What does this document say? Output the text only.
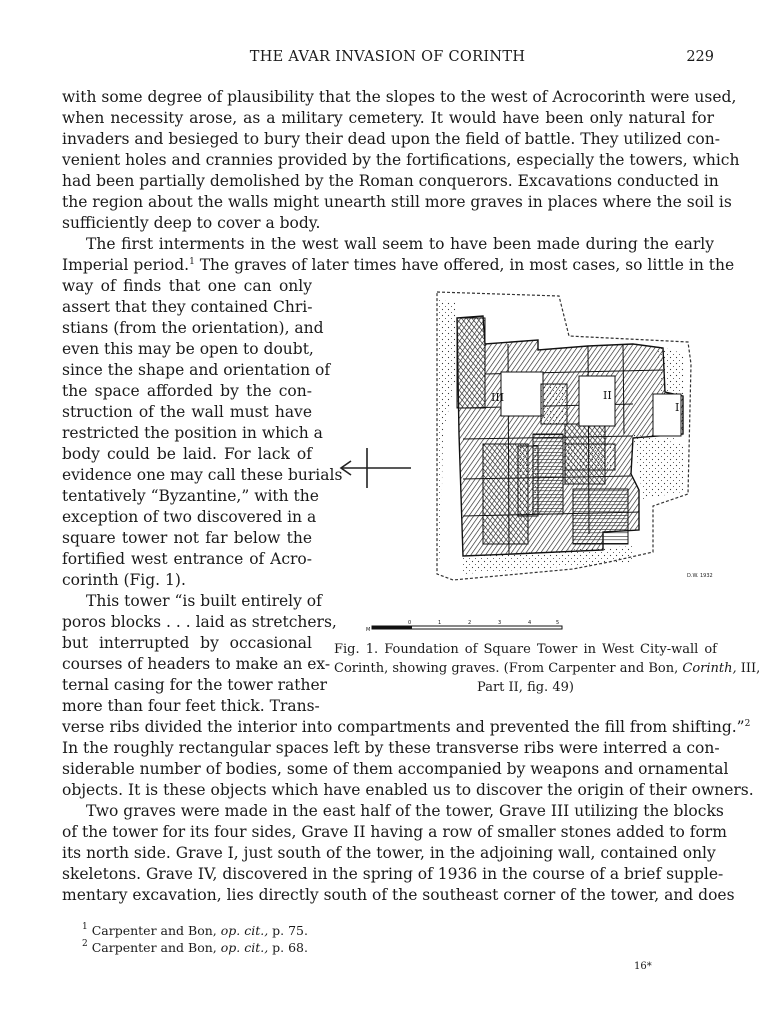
THE AVAR INVASION OF CORINTH	229
with some degree of plausibility that the slopes to the west of Acrocorinth were used,
when necessity arose, as a military cemetery. It would have been only natural for
invaders and besieged to bury their dead upon the field of battle. They utilized con-
venient holes and crannies provided by the fortifications, especially the towers, which
had been partially demolished by the Roman conquerors. Excavations conducted in
the region about the walls might unearth still more graves in places where the soil is
sufficiently deep to cover a body.
The first interments in the west wall seem to have been made during the early
Imperial period.$^1$ The graves of later times have offered, in most cases, so little in the
way of finds that one can only
assert that they contained Chri-
stians (from the orientation), and
even this may be open to doubt,
since the shape and orientation of
the space afforded by the con-
struction of the wall must have
restricted the position in which a
body could be laid. For lack of
evidence one may call these burials
tentatively “Byzantine,” with the
exception of two discovered in a
square tower not far below the
fortified west entrance of Acro-
corinth (Fig. 1).
This tower “is built entirely of
poros blocks . . . laid as stretchers,
but interrupted by occasional
courses of headers to make an ex-
ternal casing for the tower rather
more than four feet thick. Trans-
verse ribs divided the interior into compartments and prevented the fill from shifting.”$^2$
In the roughly rectangular spaces left by these transverse ribs were interred a con-
siderable number of bodies, some of them accompanied by weapons and ornamental
objects. It is these objects which have enabled us to discover the origin of their owners.
Two graves were made in the east half of the tower, Grave III utilizing the blocks
of the tower for its four sides, Grave II having a row of smaller stones added to form
its north side. Grave I, just south of the tower, in the adjoining wall, contained only
skeletons. Grave IV, discovered in the spring of 1936 in the course of a brief supple-
mentary excavation, lies directly south of the southeast corner of the tower, and does
III	II
I
D.W. 1932
0	1	2	3	4	5
M
Fig. 1. Foundation of Square Tower in West City-wall of
Corinth, showing graves. (From Carpenter and Bon, Corinth, III,
Part II, fig. 49)
$^1$ Carpenter and Bon, op. cit., p. 75.
$^2$ Carpenter and Bon, op. cit., p. 68.
16*
